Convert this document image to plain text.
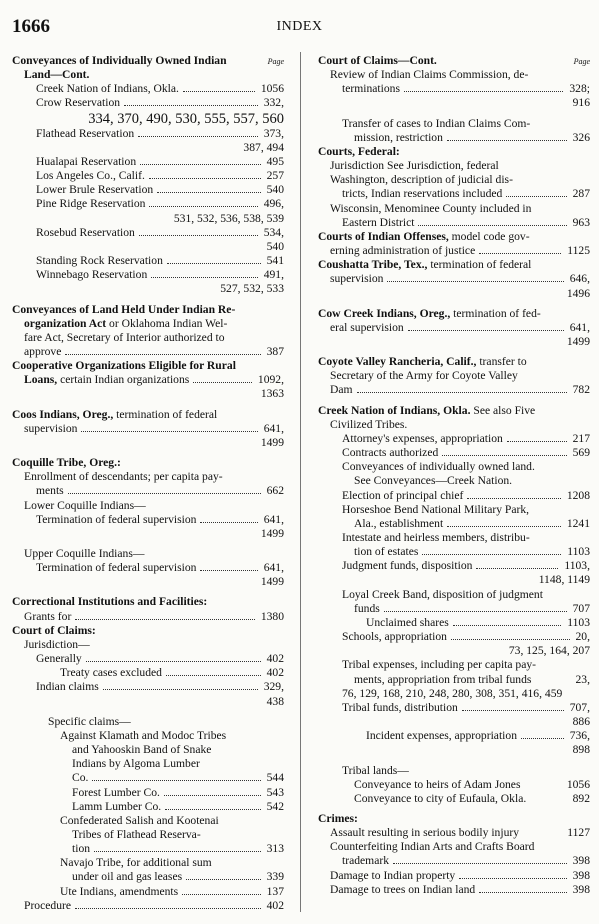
1666	INDEX
Conveyances of Individually Owned Indian	Page
Land—Cont.
Creek Nation of Indians, Okla.	1056
Crow Reservation	332,
334, 370, 490, 530, 555, 557, 560
Flathead Reservation	373,
387, 494
Hualapai Reservation	495
Los Angeles Co., Calif.	257
Lower Brule Reservation	540
Pine Ridge Reservation	496,
531, 532, 536, 538, 539
Rosebud Reservation	534,
540
Standing Rock Reservation	541
Winnebago Reservation	491,
527, 532, 533
Conveyances of Land Held Under Indian Re-
organization Act or Oklahoma Indian Wel-
fare Act, Secretary of Interior authorized to
approve	387
Cooperative Organizations Eligible for Rural
Loans, certain Indian organizations	1092,
1363
Coos Indians, Oreg., termination of federal
supervision	641,
1499
Coquille Tribe, Oreg.:
Enrollment of descendants; per capita pay-
ments	662
Lower Coquille Indians—
Termination of federal supervision	641,
1499
Upper Coquille Indians—
Termination of federal supervision	641,
1499
Correctional Institutions and Facilities:
Grants for	1380
Court of Claims:
Jurisdiction—
Generally	402
Treaty cases excluded	402
Indian claims	329,
438
Specific claims—
Against Klamath and Modoc Tribes
and Yahooskin Band of Snake
Indians by Algoma Lumber
Co.	544
Forest Lumber Co.	543
Lamm Lumber Co.	542
Confederated Salish and Kootenai
Tribes of Flathead Reserva-
tion	313
Navajo Tribe, for additional sum
under oil and gas leases	339
Ute Indians, amendments	137
Procedure	402
Court of Claims—Cont.	Page
Review of Indian Claims Commission, de-
terminations	328;
916
Transfer of cases to Indian Claims Com-
mission, restriction	326
Courts, Federal:
Jurisdiction See Jurisdiction, federal
Washington, description of judicial dis-
tricts, Indian reservations included	287
Wisconsin, Menominee County included in
Eastern District	963
Courts of Indian Offenses, model code gov-
erning administration of justice	1125
Coushatta Tribe, Tex., termination of federal
supervision	646,
1496
Cow Creek Indians, Oreg., termination of fed-
eral supervision	641,
1499
Coyote Valley Rancheria, Calif., transfer to
Secretary of the Army for Coyote Valley
Dam	782
Creek Nation of Indians, Okla. See also Five
Civilized Tribes.
Attorney's expenses, appropriation	217
Contracts authorized	569
Conveyances of individually owned land.
See Conveyances—Creek Nation.
Election of principal chief	1208
Horseshoe Bend National Military Park,
Ala., establishment	1241
Intestate and heirless members, distribu-
tion of estates	1103
Judgment funds, disposition	1103,
1148, 1149
Loyal Creek Band, disposition of judgment
funds	707
Unclaimed shares	1103
Schools, appropriation	20,
73, 125, 164, 207
Tribal expenses, including per capita pay-
ments, appropriation from tribal funds	23,
76, 129, 168, 210, 248, 280, 308, 351, 416, 459
Tribal funds, distribution	707,
886
Incident expenses, appropriation	736,
898
Tribal lands—
Conveyance to heirs of Adam Jones	1056
Conveyance to city of Eufaula, Okla.	892
Crimes:
Assault resulting in serious bodily injury	1127
Counterfeiting Indian Arts and Crafts Board
trademark	398
Damage to Indian property	398
Damage to trees on Indian land	398
